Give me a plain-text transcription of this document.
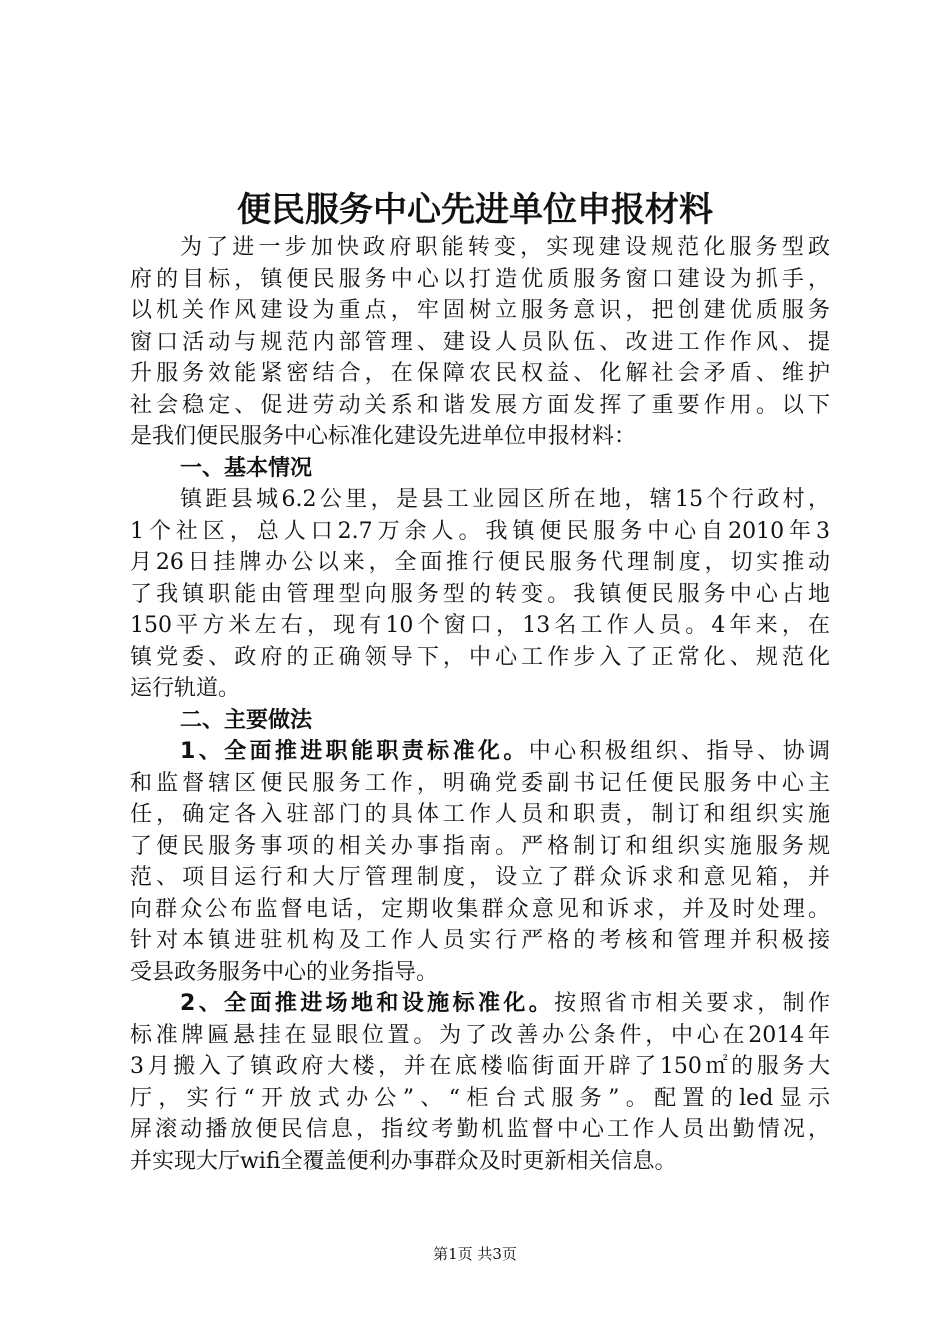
便民服务中心先进单位申报材料
为了进一步加快政府职能转变，实现建设规范化服务型政
府的目标，镇便民服务中心以打造优质服务窗口建设为抓手，
以机关作风建设为重点，牢固树立服务意识，把创建优质服务
窗口活动与规范内部管理、建设人员队伍、改进工作作风、提
升服务效能紧密结合，在保障农民权益、化解社会矛盾、维护
社会稳定、促进劳动关系和谐发展方面发挥了重要作用。以下
是我们便民服务中心标准化建设先进单位申报材料：
一、基本情况
镇距县城6.2公里，是县工业园区所在地，辖15个行政村，
1个社区，总人口2.7万余人。我镇便民服务中心自2010年3
月26日挂牌办公以来，全面推行便民服务代理制度，切实推动
了我镇职能由管理型向服务型的转变。我镇便民服务中心占地
150平方米左右，现有10个窗口，13名工作人员。4年来，在
镇党委、政府的正确领导下，中心工作步入了正常化、规范化
运行轨道。
二、主要做法
1、全面推进职能职责标准化。中心积极组织、指导、协调
和监督辖区便民服务工作，明确党委副书记任便民服务中心主
任，确定各入驻部门的具体工作人员和职责，制订和组织实施
了便民服务事项的相关办事指南。严格制订和组织实施服务规
范、项目运行和大厅管理制度，设立了群众诉求和意见箱，并
向群众公布监督电话，定期收集群众意见和诉求，并及时处理。
针对本镇进驻机构及工作人员实行严格的考核和管理并积极接
受县政务服务中心的业务指导。
2、全面推进场地和设施标准化。按照省市相关要求，制作
标准牌匾悬挂在显眼位置。为了改善办公条件，中心在2014年
3月搬入了镇政府大楼，并在底楼临街面开辟了150㎡的服务大
厅，实行“开放式办公”、“柜台式服务”。配置的led显示
屏滚动播放便民信息，指纹考勤机监督中心工作人员出勤情况，
并实现大厅wifi全覆盖便利办事群众及时更新相关信息。
第1页 共3页
